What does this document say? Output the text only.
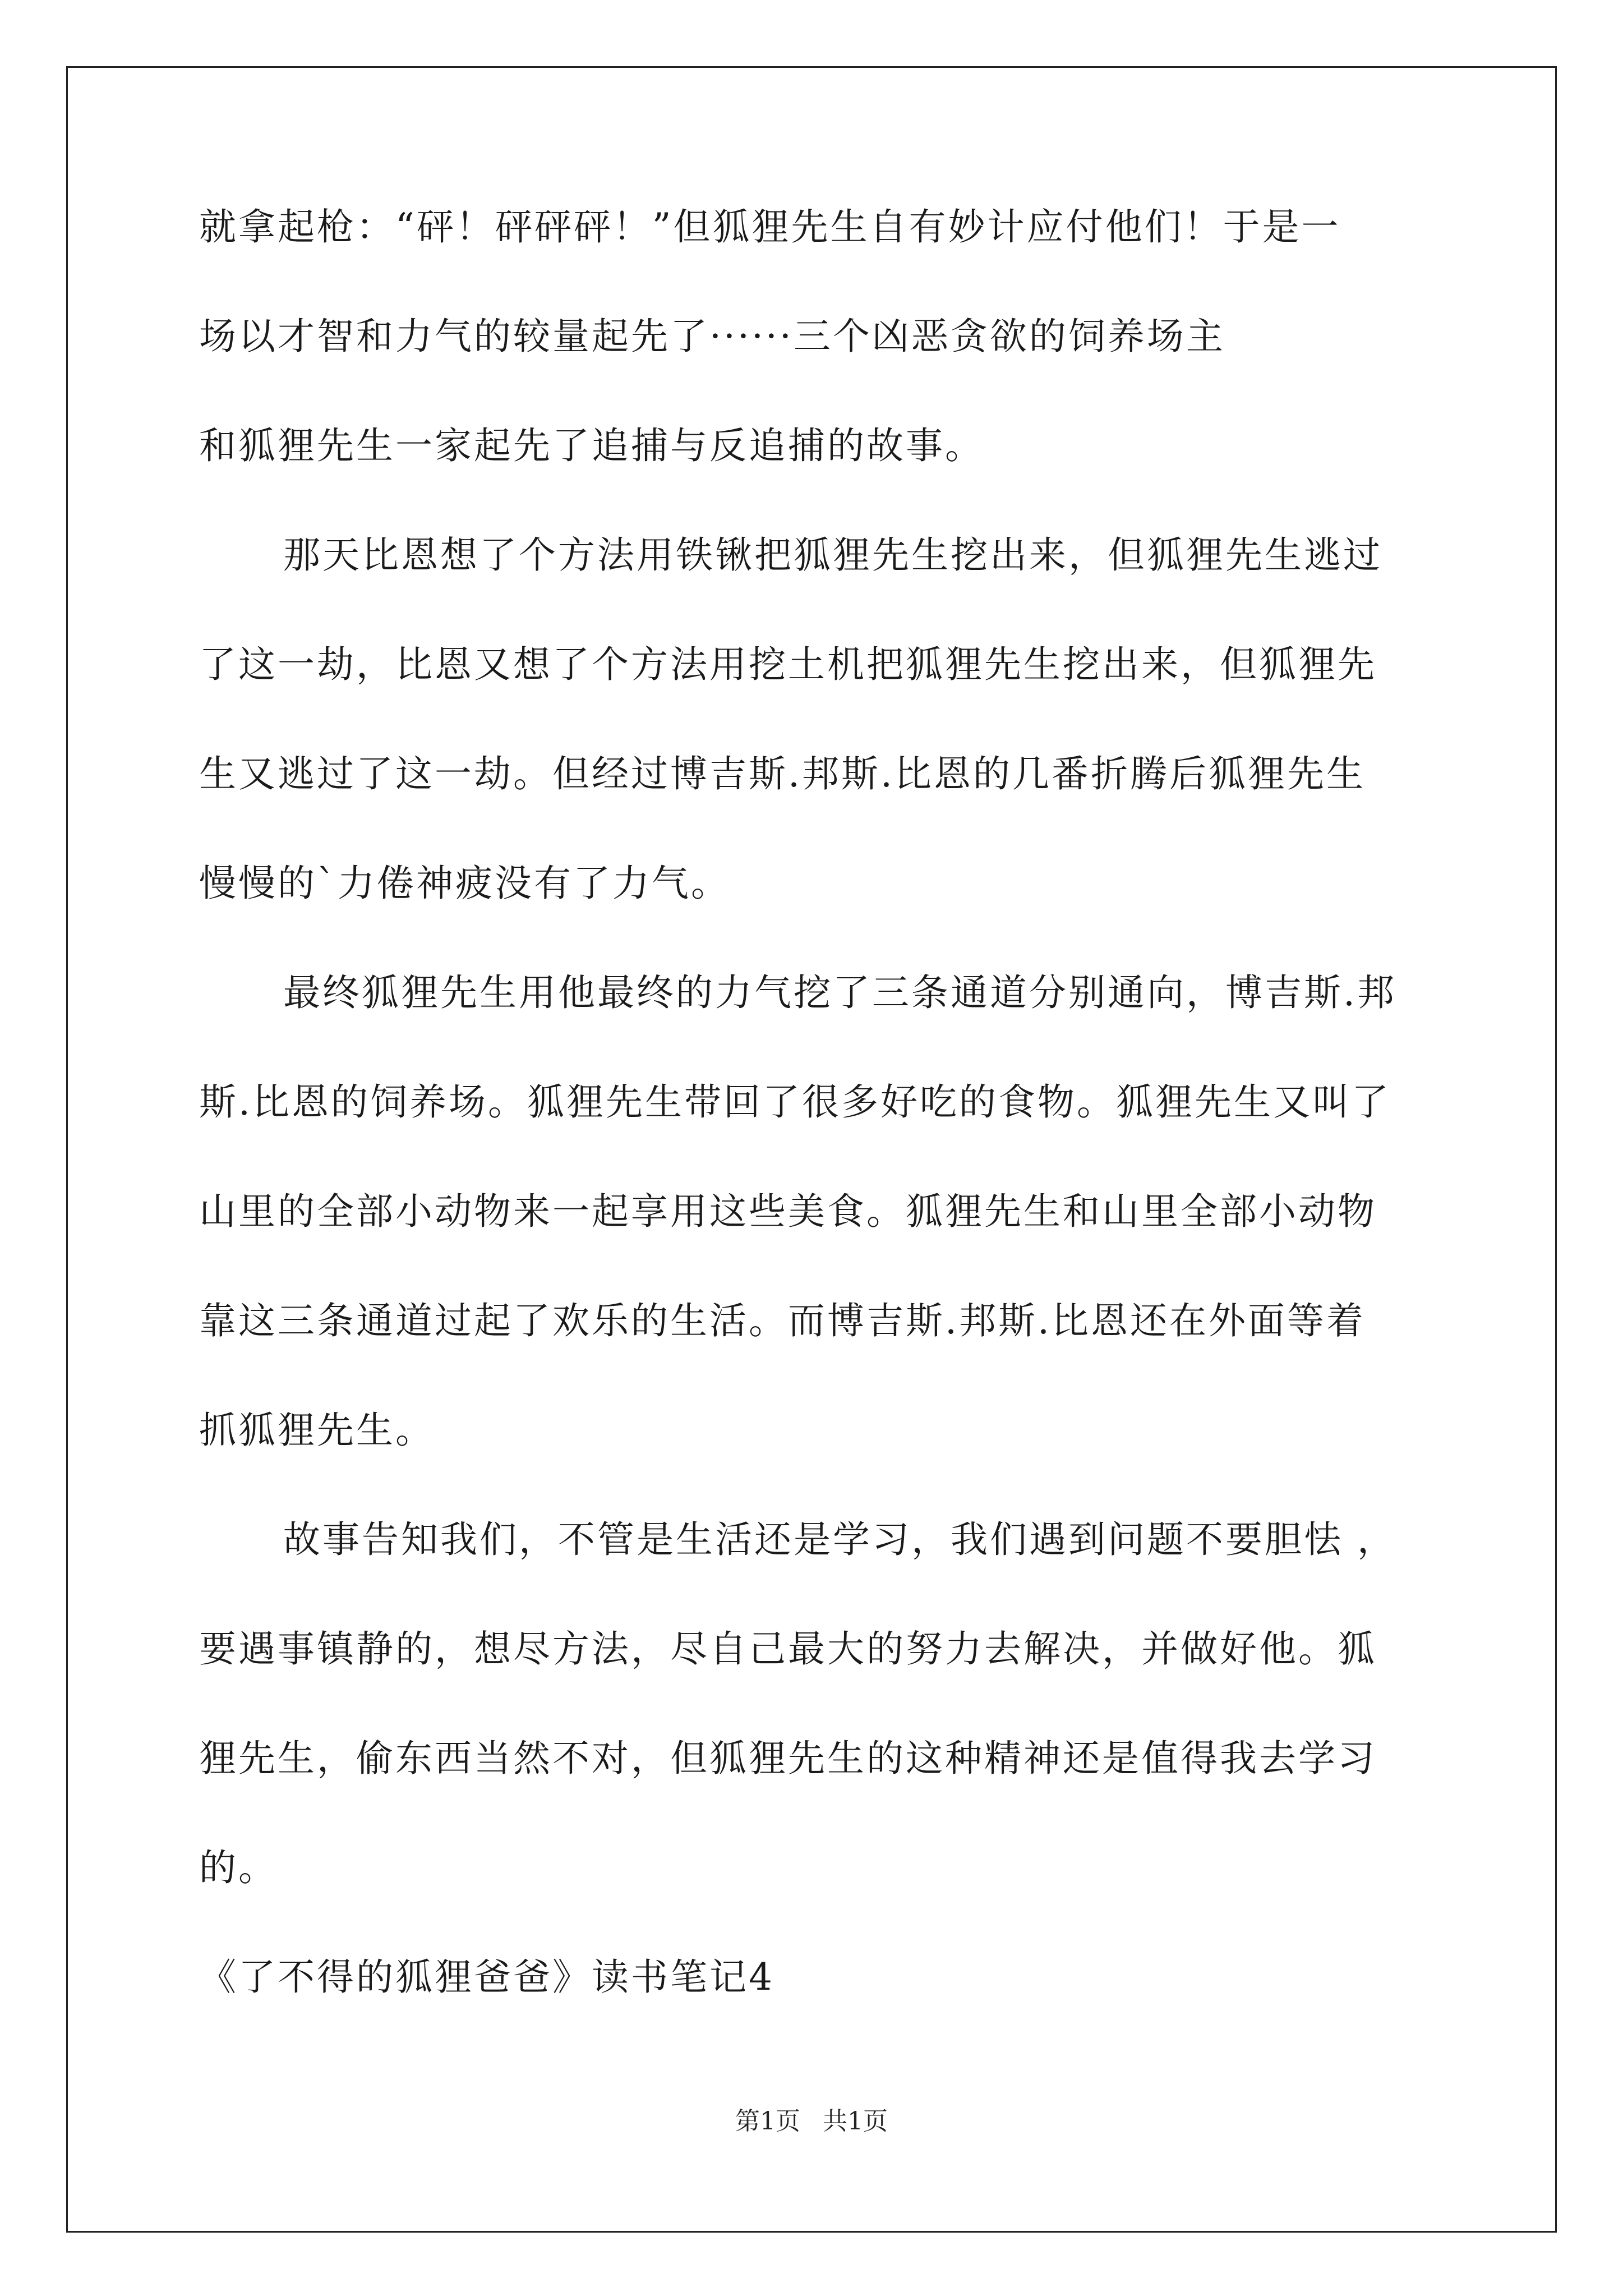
就拿起枪：“砰！砰砰砰！”但狐狸先生自有妙计应付他们！于是一
场以才智和力气的较量起先了······三个凶恶贪欲的饲养场主
和狐狸先生一家起先了追捕与反追捕的故事。
那天比恩想了个方法用铁锹把狐狸先生挖出来，但狐狸先生逃过
了这一劫，比恩又想了个方法用挖土机把狐狸先生挖出来，但狐狸先
生又逃过了这一劫。但经过博吉斯.邦斯.比恩的几番折腾后狐狸先生
慢慢的`力倦神疲没有了力气。
最终狐狸先生用他最终的力气挖了三条通道分别通向，博吉斯.邦
斯.比恩的饲养场。狐狸先生带回了很多好吃的食物。狐狸先生又叫了
山里的全部小动物来一起享用这些美食。狐狸先生和山里全部小动物
靠这三条通道过起了欢乐的生活。而博吉斯.邦斯.比恩还在外面等着
抓狐狸先生。
故事告知我们，不管是生活还是学习，我们遇到问题不要胆怯 ，
要遇事镇静的，想尽方法，尽自己最大的努力去解决，并做好他。狐
狸先生，偷东西当然不对，但狐狸先生的这种精神还是值得我去学习
的。
《了不得的狐狸爸爸》读书笔记4
第1页 共1页
